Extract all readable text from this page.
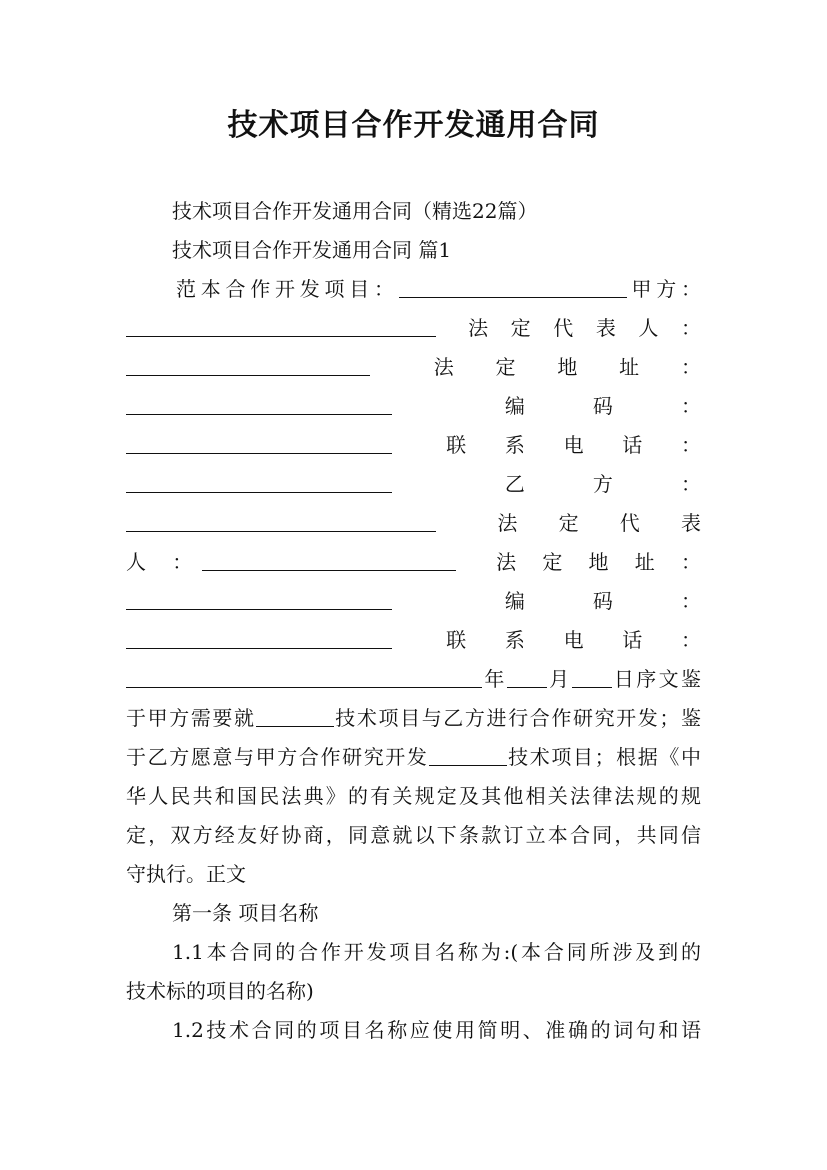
技术项目合作开发通用合同
技术项目合作开发通用合同（精选22篇）
技术项目合作开发通用合同 篇1
范本合作开发项目：	甲方：
法 定 代 表 人 ：
法 定 地 址 ：
编 码 ：
联 系 电 话 ：
乙 方 ：
法 定 代 表
人 ：	法 定 地 址 ：
编 码 ：
联 系 电 话 ：
年 月 日序文鉴
于甲方需要就	技术项目与乙方进行合作研究开发；鉴
于乙方愿意与甲方合作研究开发	技术项目；根据《中
华人民共和国民法典》的有关规定及其他相关法律法规的规
定，双方经友好协商，同意就以下条款订立本合同，共同信
守执行。正文
第一条 项目名称
1.1本合同的合作开发项目名称为:(本合同所涉及到的
技术标的项目的名称)
1.2技术合同的项目名称应使用简明、准确的词句和语
